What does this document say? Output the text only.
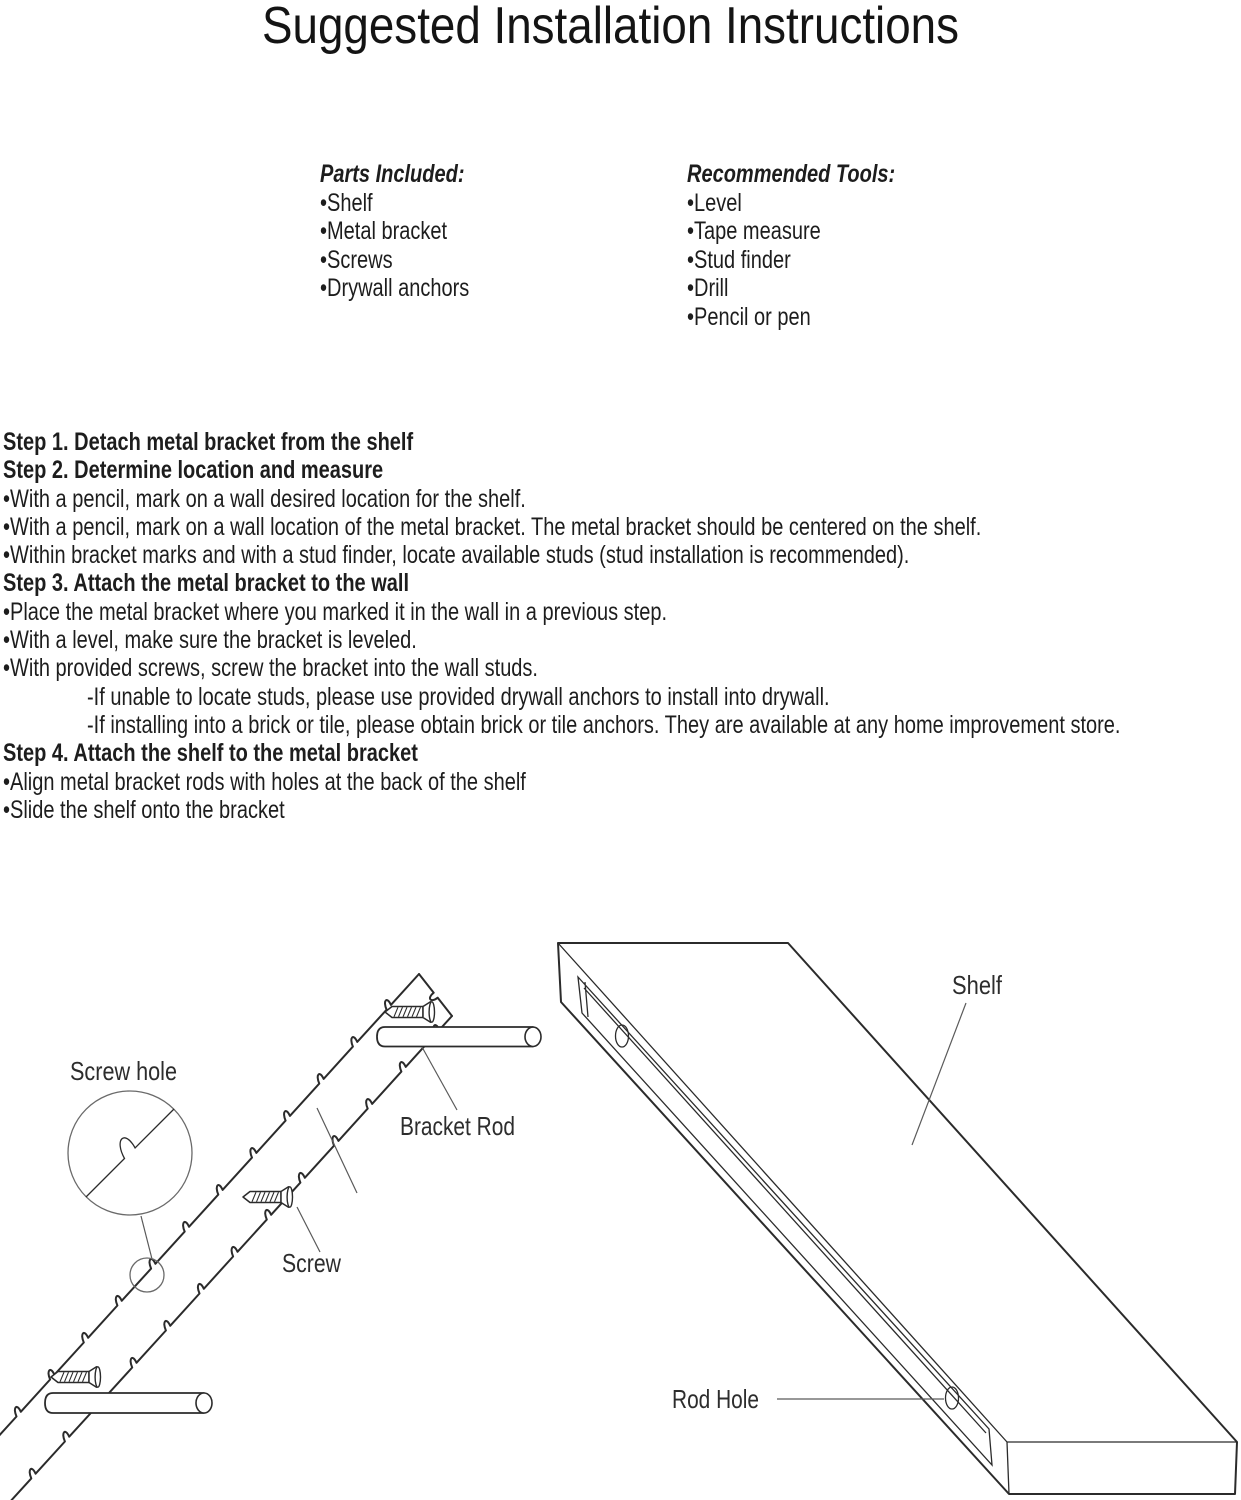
Suggested Installation Instructions
Parts Included:
•Shelf
•Metal bracket
•Screws
•Drywall anchors
Recommended Tools:
•Level
•Tape measure
•Stud finder
•Drill
•Pencil or pen
Step 1. Detach metal bracket from the shelf
Step 2. Determine location and measure
•With a pencil, mark on a wall desired location for the shelf.
•With a pencil, mark on a wall location of the metal bracket. The metal bracket should be centered on the shelf.
•Within bracket marks and with a stud finder, locate available studs (stud installation is recommended).
Step 3. Attach the metal bracket to the wall
•Place the metal bracket where you marked it in the wall in a previous step.
•With a level, make sure the bracket is leveled.
•With provided screws, screw the bracket into the wall studs.
-If unable to locate studs, please use provided drywall anchors to install into drywall.
-If installing into a brick or tile, please obtain brick or tile anchors. They are available at any home improvement store.
Step 4. Attach the shelf to the metal bracket
•Align metal bracket rods with holes at the back of the shelf
•Slide the shelf onto the bracket
Screw hole
Bracket Rod
Screw
Shelf
Rod Hole
